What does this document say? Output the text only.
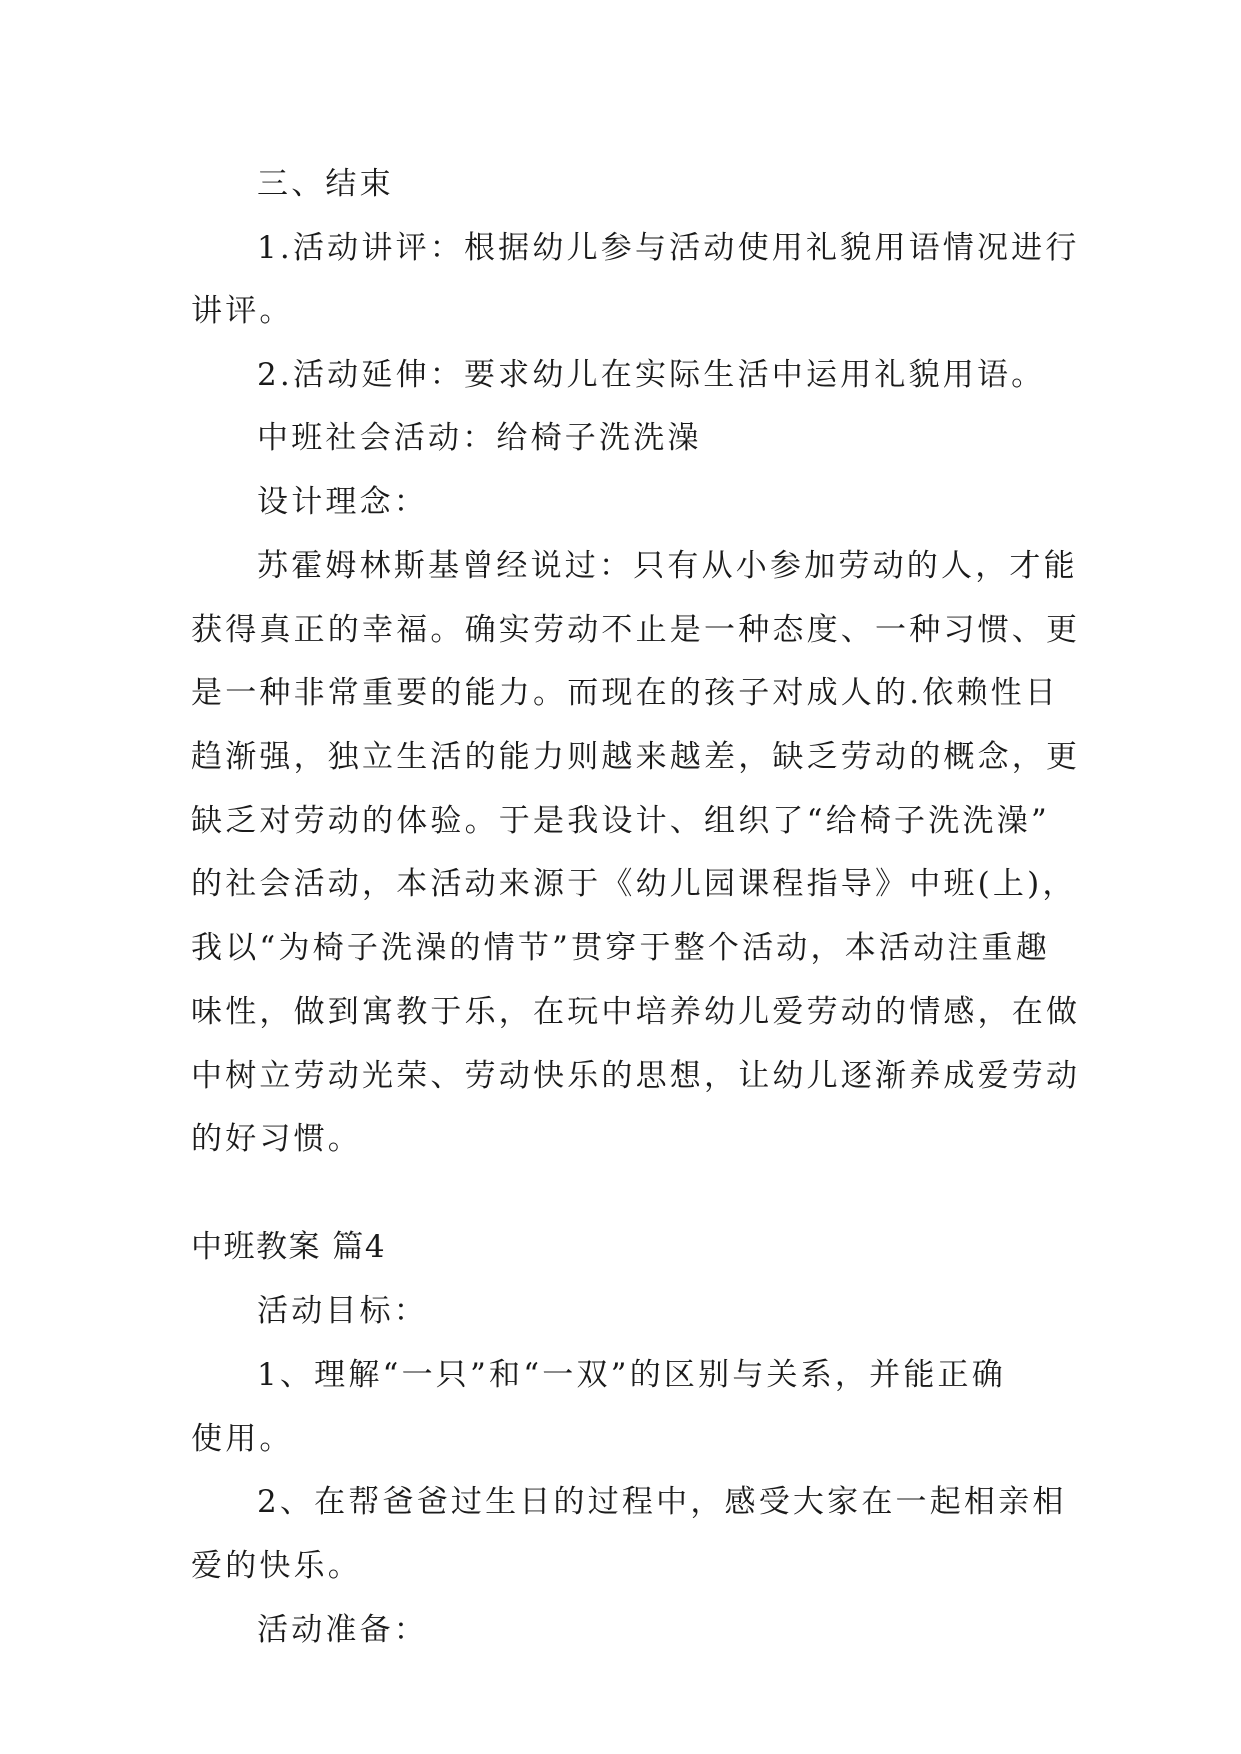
三、结束
1.活动讲评：根据幼儿参与活动使用礼貌用语情况进行
讲评。
2.活动延伸：要求幼儿在实际生活中运用礼貌用语。
中班社会活动：给椅子洗洗澡
设计理念：
苏霍姆林斯基曾经说过：只有从小参加劳动的人，才能
获得真正的幸福。确实劳动不止是一种态度、一种习惯、更
是一种非常重要的能力。而现在的孩子对成人的.依赖性日
趋渐强，独立生活的能力则越来越差，缺乏劳动的概念，更
缺乏对劳动的体验。于是我设计、组织了“给椅子洗洗澡”
的社会活动，本活动来源于《幼儿园课程指导》中班(上)，
我以“为椅子洗澡的情节”贯穿于整个活动，本活动注重趣
味性，做到寓教于乐，在玩中培养幼儿爱劳动的情感，在做
中树立劳动光荣、劳动快乐的思想，让幼儿逐渐养成爱劳动
的好习惯。
中班教案 篇4
活动目标：
1、理解“一只”和“一双”的区别与关系，并能正确
使用。
2、在帮爸爸过生日的过程中，感受大家在一起相亲相
爱的快乐。
活动准备：
